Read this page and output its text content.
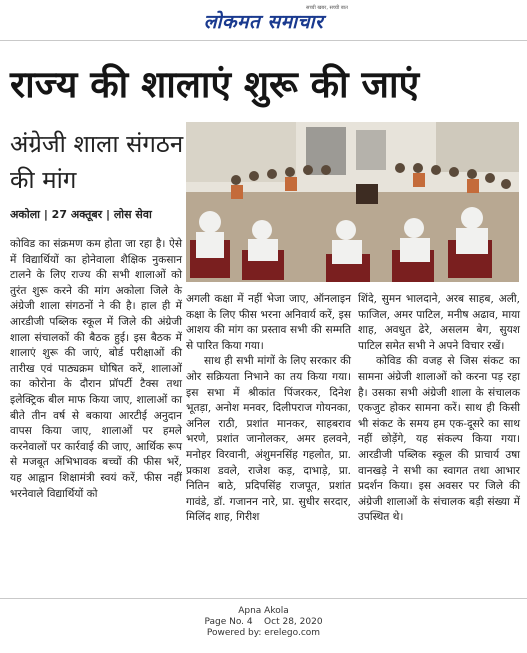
लोकमत समाचार
सच्ची खबर, सच्ची बात
राज्य की शालाएं शुरू की जाएं
अंग्रेजी शाला संगठन की मांग
अकोला | 27 अक्तूबर | लोस सेवा

कोविड का संक्रमण कम होता जा रहा है। ऐसे में विद्यार्थियों का होनेवाला शैक्षिक नुकसान टालने के लिए राज्य की सभी शालाओं को तुरंत शुरू करने की मांग अकोला जिले के अंग्रेजी शाला संगठनों ने की है। हाल ही में आरडीजी पब्लिक स्कूल में जिले की अंग्रेजी शाला संचालकों की बैठक हुई। इस बैठक में शालाएं शुरू की जाएं, बोर्ड परीक्षाओं की तारीख एवं पाठ्यक्रम घोषित करें, शालाओं का कोरोना के दौरान प्रॉपर्टी टैक्स तथा इलेक्ट्रिक बील माफ किया जाए, शालाओं का बीते तीन वर्ष से बकाया आरटीई अनुदान वापस किया जाए, शालाओं पर हमले करनेवालों पर कार्रवाई की जाए, आर्थिक रूप से मजबूत अभिभावक बच्चों की फीस भरें, यह आह्वान शिक्षामंत्री स्वयं करें, फीस नहीं भरनेवाले विद्यार्थियों को

अगली कक्षा में नहीं भेजा जाए, ऑनलाइन कक्षा के लिए फीस भरना अनिवार्य करें, इस आशय की मांग का प्रस्ताव सभी की सम्मति से पारित किया गया।

साथ ही सभी मांगों के लिए सरकार की ओर सक्रियता निभाने का तय किया गया।इस सभा में श्रीकांत पिंजरकर, दिनेश भूतड़ा, अनोश मनवर, दिलीपराज गोयनका, अनिल राठी, प्रशांत मानकर, साहबराव भरणे, प्रशांत जानोलकर, अमर हलवने, मनोहर विरवानी, अंशुमनसिंह गहलोत, प्रा. प्रकाश डवले, राजेश कड़, दाभाड़े, प्रा. नितिन बाठे, प्रदिपसिंह राजपूत, प्रशांत गावंडे, डॉ. गजानन नारे, प्रा. सुधीर सरदार, मिलिंद शाह, गिरीश

शिंदे, सुमन भालदाने, अरब साहब, अली, फाजिल, अमर पाटिल, मनीष अढाव, माया शाह, अवधुत ढेरे, असलम बेग, सुयश पाटिल समेत सभी ने अपने विचार रखें।

कोविड की वजह से जिस संकट का सामना अंग्रेजी शालाओं को करना पड़ रहा है। उसका सभी अंग्रेजी शाला के संचालक एकजुट होकर सामना करें। साथ ही किसी भी संकट के समय हम एक-दूसरे का साथ नहीं छोड़ेंगे, यह संकल्प किया गया। आरडीजी पब्लिक स्कूल की प्राचार्य उषा वानखड़े ने सभी का स्वागत तथा आभार प्रदर्शन किया। इस अवसर पर जिले की अंग्रेजी शालाओं के संचालक बड़ी संख्या में उपस्थित थे।

Apna Akola
Page No. 4    Oct 28, 2020
Powered by: erelego.com
